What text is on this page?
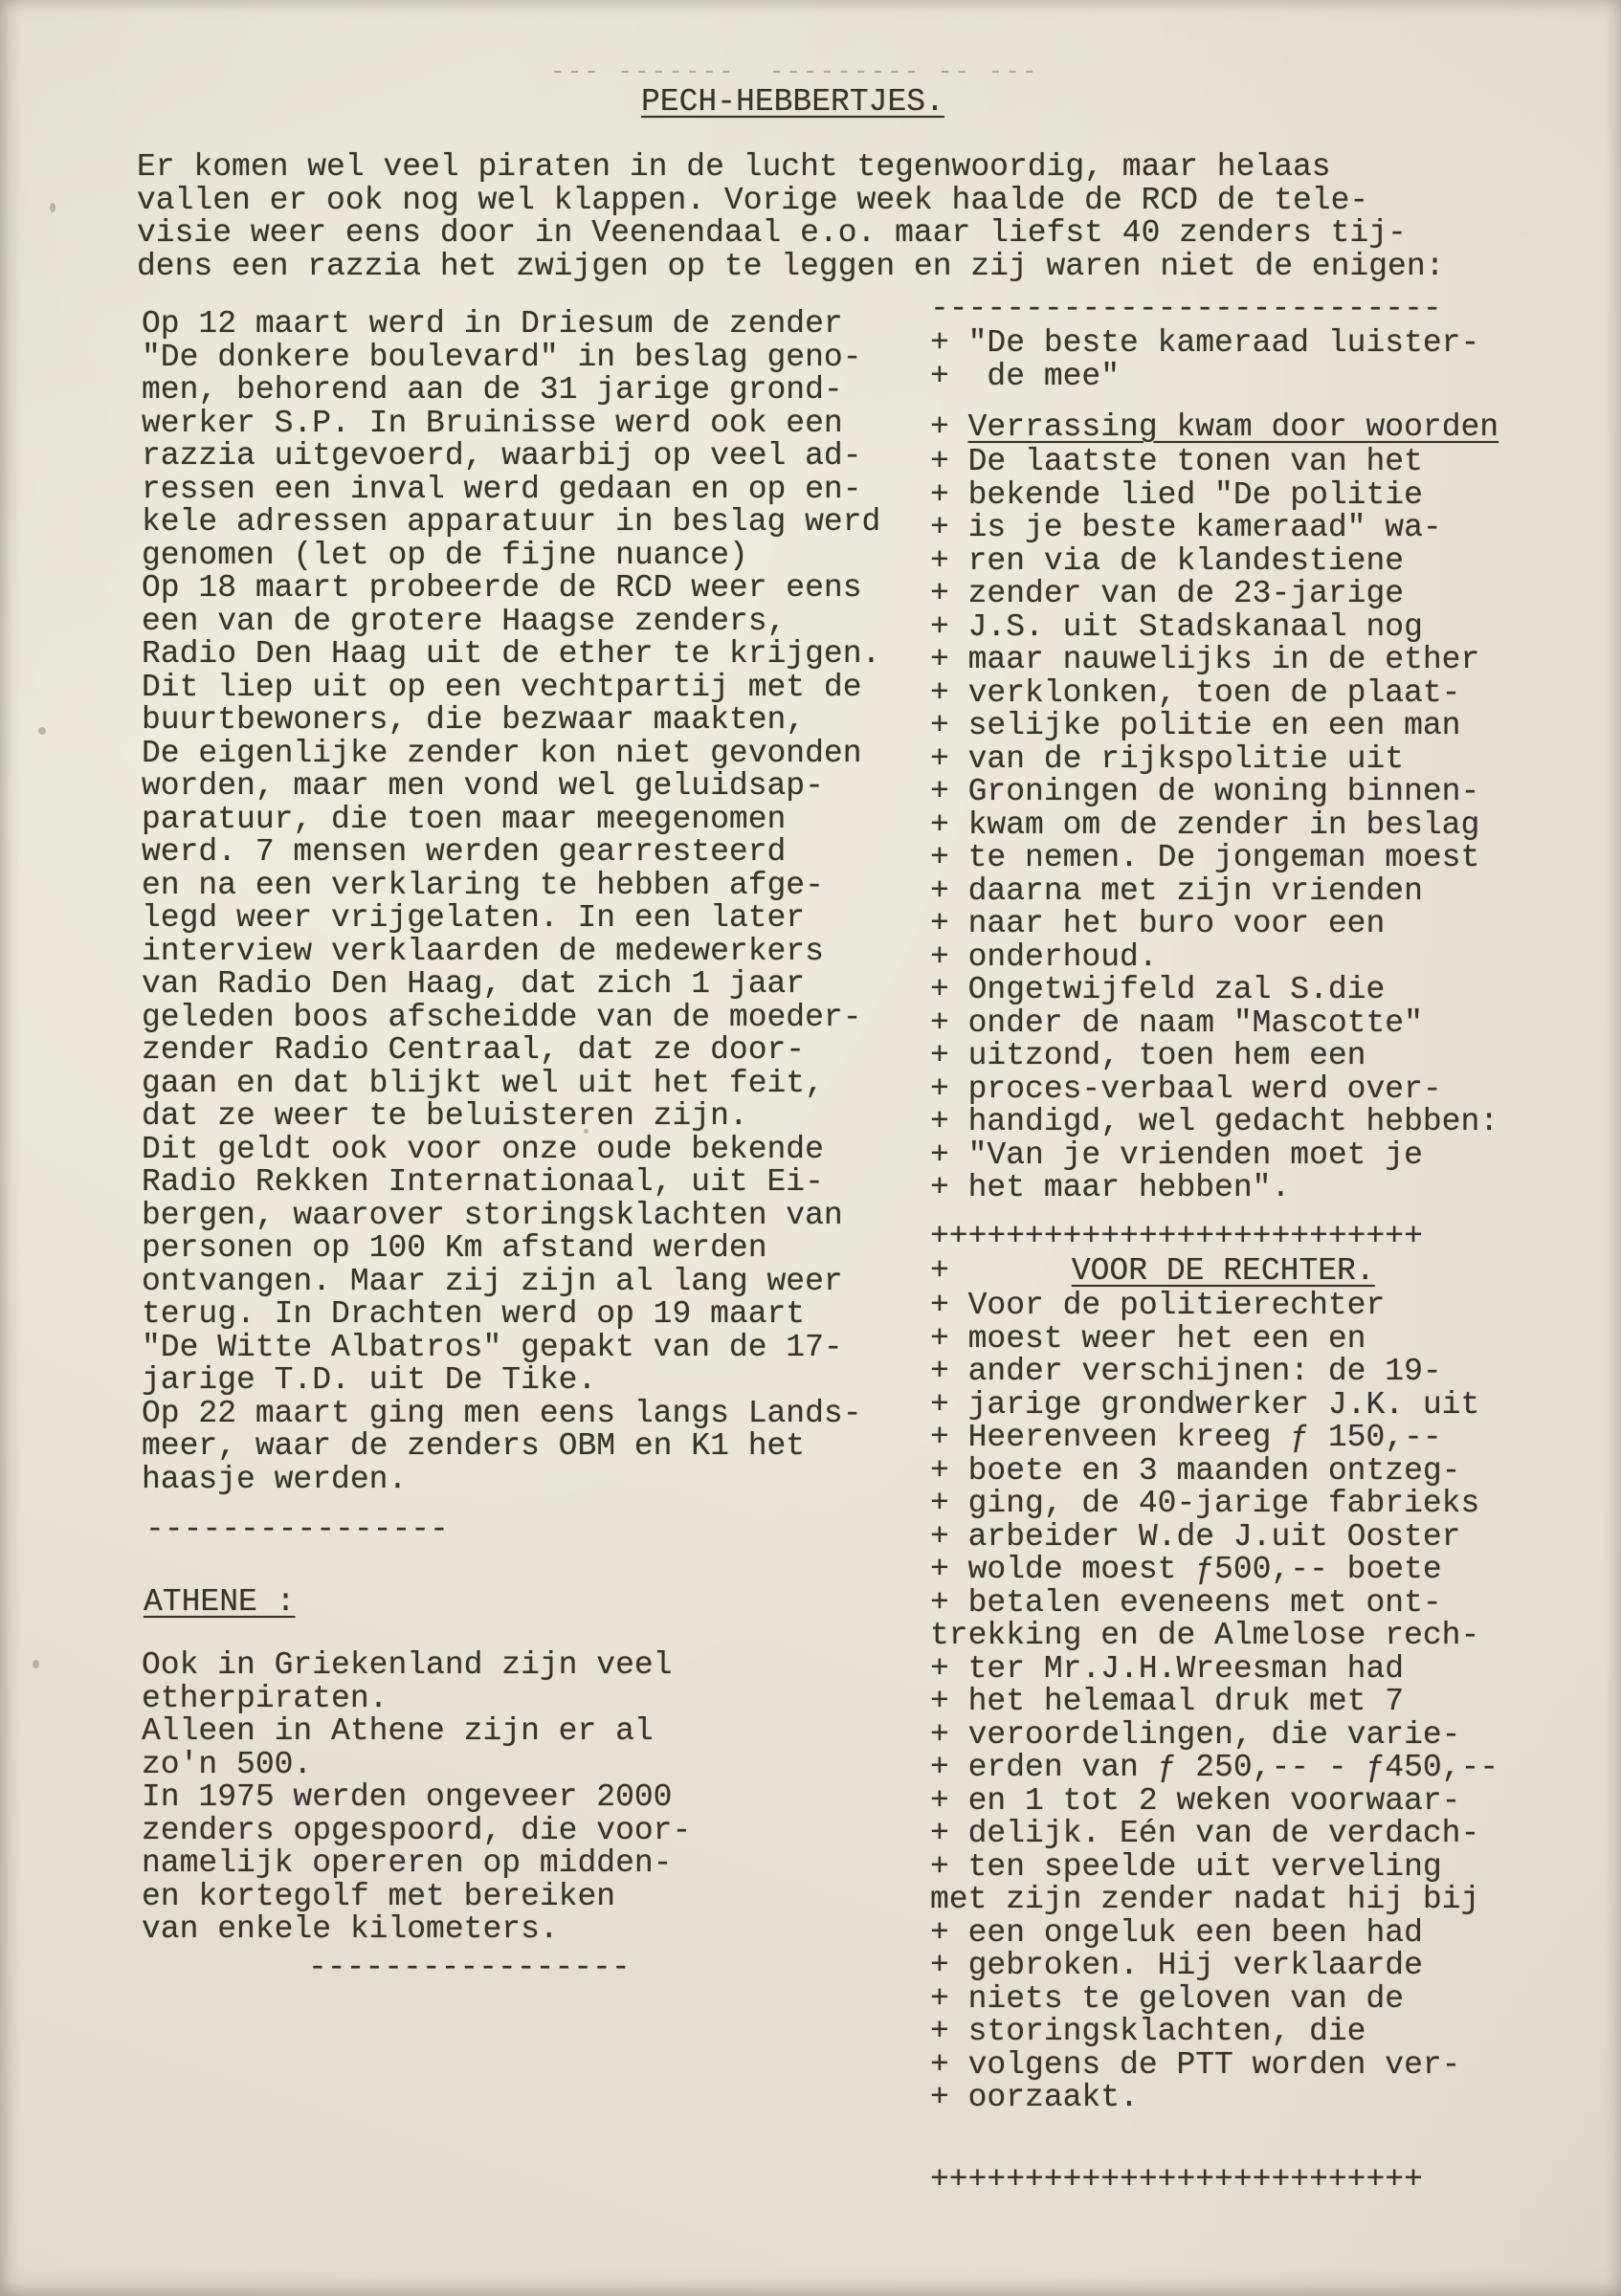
--- -------  --------- -- ---
PECH-HEBBERTJES.
Er komen wel veel piraten in de lucht tegenwoordig, maar helaas
vallen er ook nog wel klappen. Vorige week haalde de RCD de tele-
visie weer eens door in Veenendaal e.o. maar liefst 40 zenders tij-
dens een razzia het zwijgen op te leggen en zij waren niet de enigen:
Op 12 maart werd in Driesum de zender
"De donkere boulevard" in beslag geno-
men, behorend aan de 31 jarige grond-
werker S.P. In Bruinisse werd ook een
razzia uitgevoerd, waarbij op veel ad-
ressen een inval werd gedaan en op en-
kele adressen apparatuur in beslag werd
genomen (let op de fijne nuance)
Op 18 maart probeerde de RCD weer eens
een van de grotere Haagse zenders,
Radio Den Haag uit de ether te krijgen.
Dit liep uit op een vechtpartij met de
buurtbewoners, die bezwaar maakten,
De eigenlijke zender kon niet gevonden
worden, maar men vond wel geluidsap-
paratuur, die toen maar meegenomen
werd. 7 mensen werden gearresteerd
en na een verklaring te hebben afge-
legd weer vrijgelaten. In een later
interview verklaarden de medewerkers
van Radio Den Haag, dat zich 1 jaar
geleden boos afscheidde van de moeder-
zender Radio Centraal, dat ze door-
gaan en dat blijkt wel uit het feit,
dat ze weer te beluisteren zijn.
Dit geldt ook voor onze oude bekende
Radio Rekken Internationaal, uit Ei-
bergen, waarover storingsklachten van
personen op 100 Km afstand werden
ontvangen. Maar zij zijn al lang weer
terug. In Drachten werd op 19 maart
"De Witte Albatros" gepakt van de 17-
jarige T.D. uit De Tike.
Op 22 maart ging men eens langs Lands-
meer, waar de zenders OBM en K1 het
haasje werden.
----------------
ATHENE :
Ook in Griekenland zijn veel
etherpiraten.
Alleen in Athene zijn er al
zo'n 500.
In 1975 werden ongeveer 2000
zenders opgespoord, die voor-
namelijk opereren op midden-
en kortegolf met bereiken
van enkele kilometers.
-----------------
---------------------------
+ "De beste kameraad luister-
+  de mee"
+ Verrassing kwam door woorden
+ De laatste tonen van het
+ bekende lied "De politie
+ is je beste kameraad" wa-
+ ren via de klandestiene
+ zender van de 23-jarige
+ J.S. uit Stadskanaal nog
+ maar nauwelijks in de ether
+ verklonken, toen de plaat-
+ selijke politie en een man
+ van de rijkspolitie uit
+ Groningen de woning binnen-
+ kwam om de zender in beslag
+ te nemen. De jongeman moest
+ daarna met zijn vrienden
+ naar het buro voor een
+ onderhoud.
+ Ongetwijfeld zal S.die
+ onder de naam "Mascotte"
+ uitzond, toen hem een
+ proces-verbaal werd over-
+ handigd, wel gedacht hebben:
+ "Van je vrienden moet je
+ het maar hebben".
++++++++++++++++++++++++++
+	VOOR DE RECHTER.
+ Voor de politierechter
+ moest weer het een en
+ ander verschijnen: de 19-
+ jarige grondwerker J.K. uit
+ Heerenveen kreeg ƒ 150,--
+ boete en 3 maanden ontzeg-
+ ging, de 40-jarige fabrieks
+ arbeider W.de J.uit Ooster
+ wolde moest ƒ500,-- boete
+ betalen eveneens met ont-
trekking en de Almelose rech-
+ ter Mr.J.H.Wreesman had
+ het helemaal druk met 7
+ veroordelingen, die varie-
+ erden van ƒ 250,-- - ƒ450,--
+ en 1 tot 2 weken voorwaar-
+ delijk. Eén van de verdach-
+ ten speelde uit verveling
met zijn zender nadat hij bij
+ een ongeluk een been had
+ gebroken. Hij verklaarde
+ niets te geloven van de
+ storingsklachten, die
+ volgens de PTT worden ver-
+ oorzaakt.
++++++++++++++++++++++++++
